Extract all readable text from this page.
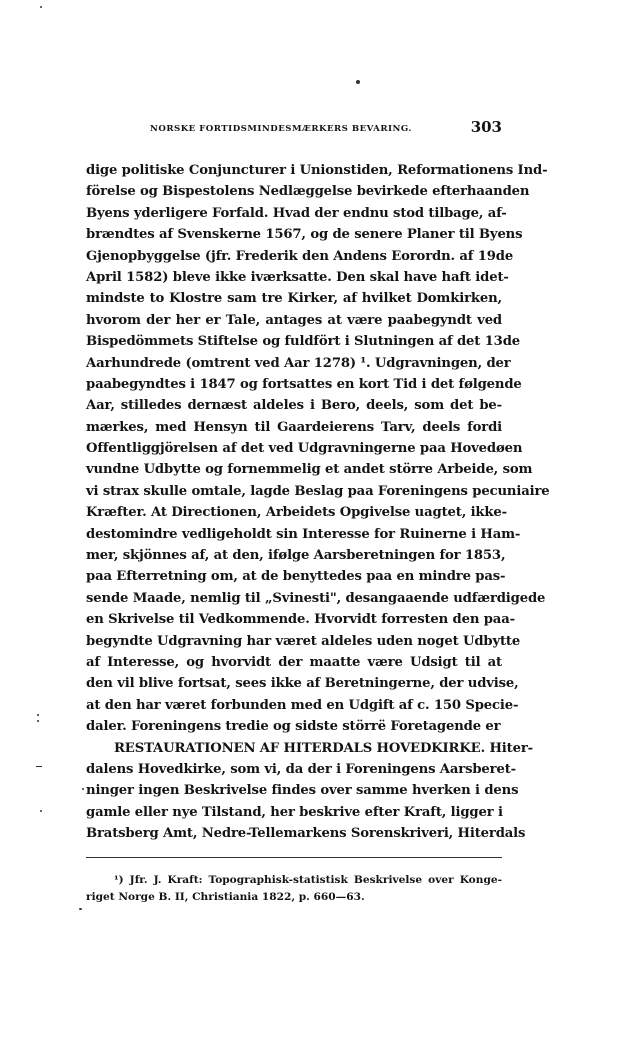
NORSKE FORTIDSMINDESMÆRKERS BEVARING.	303
dige politiske Conjuncturer i Unionstiden, Reformationens Ind-
förelse og Bispestolens Nedlæggelse bevirkede efterhaanden
Byens yderligere Forfald. Hvad der endnu stod tilbage, af-
brændtes af Svenskerne 1567, og de senere Planer til Byens
Gjenopbyggelse (jfr. Frederik den Andens Eorordn. af 19de
April 1582) bleve ikke iværksatte. Den skal have haft idet-
mindste to Klostre sam tre Kirker, af hvilket Domkirken,
hvorom der her er Tale, antages at være paabegyndt ved
Bispedömmets Stiftelse og fuldfört i Slutningen af det 13de
Aarhundrede (omtrent ved Aar 1278) ¹. Udgravningen, der
paabegyndtes i 1847 og fortsattes en kort Tid i det følgende
Aar, stilledes dernæst aldeles i Bero, deels, som det be-
mærkes, med Hensyn til Gaardeierens Tarv, deels fordi
Offentliggjörelsen af det ved Udgravningerne paa Hovedøen
vundne Udbytte og fornemmelig et andet större Arbeide, som
vi strax skulle omtale, lagde Beslag paa Foreningens pecuniaire
Kræfter. At Directionen, Arbeidets Opgivelse uagtet, ikke-
destomindre vedligeholdt sin Interesse for Ruinerne i Ham-
mer, skjönnes af, at den, ifølge Aarsberetningen for 1853,
paa Efterretning om, at de benyttedes paa en mindre pas-
sende Maade, nemlig til „Svinesti", desangaaende udfærdigede
en Skrivelse til Vedkommende. Hvorvidt forresten den paa-
begyndte Udgravning har været aldeles uden noget Udbytte
af Interesse, og hvorvidt der maatte være Udsigt til at
den vil blive fortsat, sees ikke af Beretningerne, der udvise,
at den har været forbunden med en Udgift af c. 150 Specie-
daler. Foreningens tredie og sidste störrë Foretagende er
RESTAURATIONEN AF HITERDALS HOVEDKIRKE. Hiter-
dalens Hovedkirke, som vi, da der i Foreningens Aarsberet-
ninger ingen Beskrivelse findes over samme hverken i dens
gamle eller nye Tilstand, her beskrive efter Kraft, ligger i
Bratsberg Amt, Nedre-Tellemarkens Sorenskriveri, Hiterdals
¹) Jfr. J. Kraft: Topographisk-statistisk Beskrivelse over Konge-
riget Norge B. II, Christiania 1822, p. 660—63.
